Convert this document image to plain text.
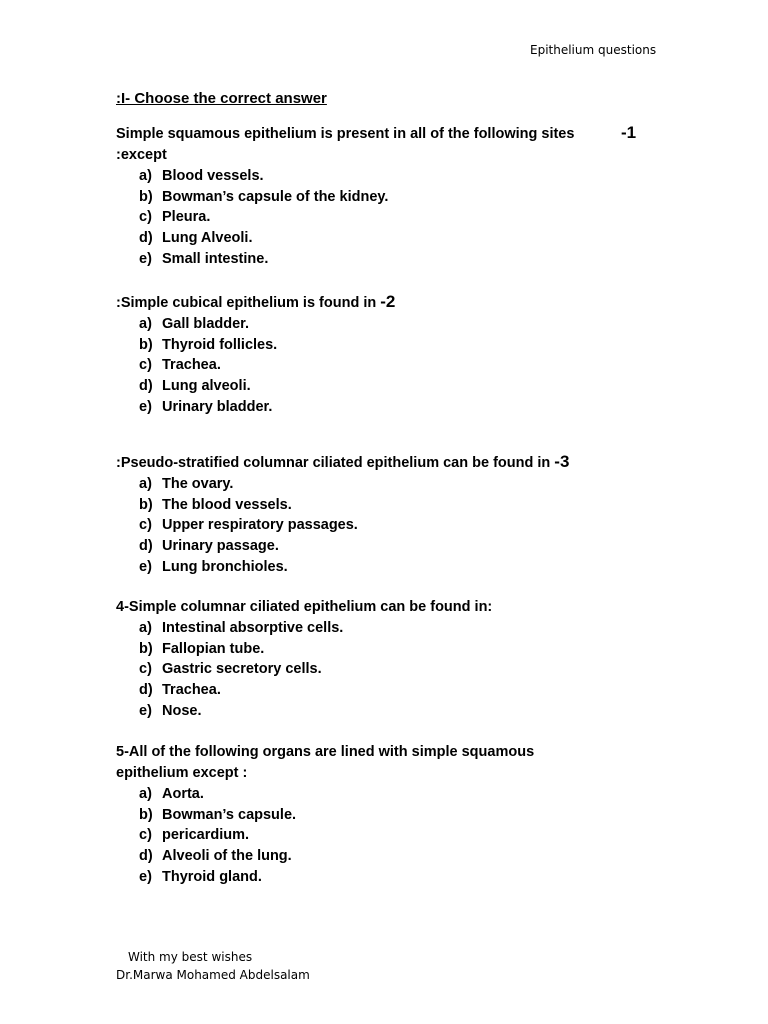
Epithelium questions
:I- Choose the correct answer
Simple squamous epithelium is present in all of the following sites	-1
:except
a) Blood vessels.
b) Bowman’s capsule of the kidney.
c) Pleura.
d) Lung Alveoli.
e) Small intestine.
:Simple cubical epithelium is found in -2
a) Gall bladder.
b) Thyroid follicles.
c) Trachea.
d) Lung alveoli.
e) Urinary bladder.
:Pseudo-stratified columnar ciliated epithelium can be found in -3
a) The ovary.
b) The blood vessels.
c) Upper respiratory passages.
d) Urinary passage.
e) Lung bronchioles.
4-Simple columnar ciliated epithelium can be found in:
a) Intestinal absorptive cells.
b) Fallopian tube.
c) Gastric secretory cells.
d) Trachea.
e) Nose.
5-All of the following organs are lined with simple squamous
epithelium except :
a) Aorta.
b) Bowman’s capsule.
c) pericardium.
d) Alveoli of the lung.
e) Thyroid gland.
With my best wishes
Dr.Marwa Mohamed Abdelsalam
